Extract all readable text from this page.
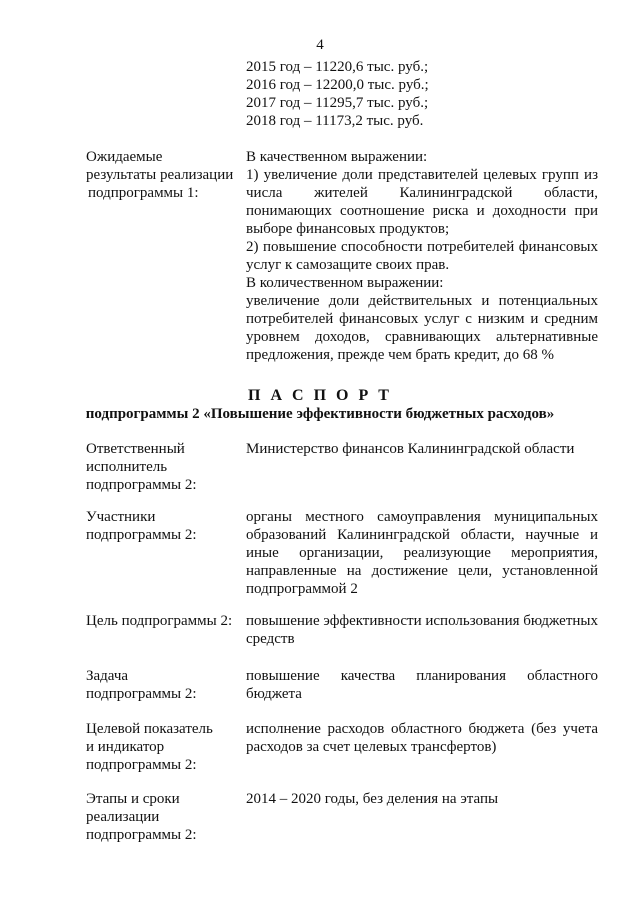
4
2015 год – 11220,6 тыс. руб.;
2016 год – 12200,0 тыс. руб.;
2017 год – 11295,7 тыс. руб.;
2018 год – 11173,2 тыс. руб.
Ожидаемые
результаты реализации
подпрограммы 1:

В качественном выражении:

1) увеличение доли представителей целевых групп из числа жителей Калининградской области, понимающих соотношение риска и доходности при выборе финансовых продуктов;

2) повышение способности потребителей финансовых услуг к самозащите своих прав.

В количественном выражении:

увеличение доли действительных и потенциальных потребителей финансовых услуг с низким и средним уровнем доходов, сравнивающих альтернативные предложения, прежде чем брать кредит, до 68 %

П А С П О Р Т
подпрограммы 2 «Повышение эффективности бюджетных расходов»
Ответственный
исполнитель
подпрограммы 2:

Министерство финансов Калининградской области

Участники
подпрограммы 2:

органы местного самоуправления муниципальных образований Калининградской области, научные и иные организации, реализующие мероприятия, направленные на достижение цели, установленной подпрограммой 2

Цель подпрограммы 2: повышение эффективности использования бюджетных средств

Задача
подпрограммы 2:

повышение качества планирования областного бюджета

Целевой показатель
и индикатор
подпрограммы 2:

исполнение расходов областного бюджета (без учета расходов за счет целевых трансфертов)

Этапы и сроки
реализации
подпрограммы 2:

2014 – 2020 годы, без деления на этапы
